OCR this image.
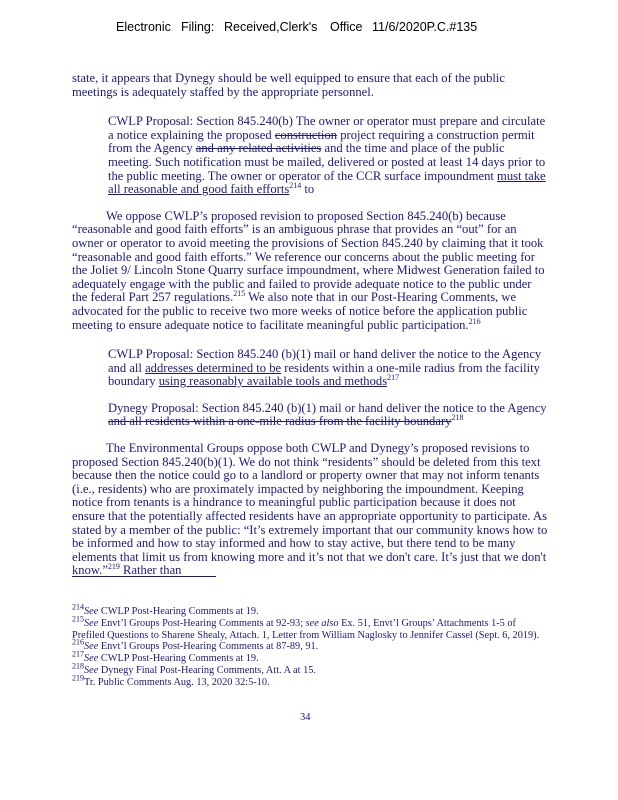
Electronic Filing: Received,Clerk's Office 11/6/2020P.C.#135

state, it appears that Dynegy should be well equipped to ensure that each of the public meetings is adequately staffed by the appropriate personnel.

CWLP Proposal: Section 845.240(b) The owner or operator must prepare and circulate a notice explaining the proposed construction project requiring a construction permit from the Agency and any related activities and the time and place of the public meeting. Such notification must be mailed, delivered or posted at least 14 days prior to the public meeting. The owner or operator of the CCR surface impoundment must take all reasonable and good faith efforts$^{214}$ to

We oppose CWLP’s proposed revision to proposed Section 845.240(b) because “reasonable and good faith efforts” is an ambiguous phrase that provides an “out” for an owner or operator to avoid meeting the provisions of Section 845.240 by claiming that it took “reasonable and good faith efforts.” We reference our concerns about the public meeting for the Joliet 9/ Lincoln Stone Quarry surface impoundment, where Midwest Generation failed to adequately engage with the public and failed to provide adequate notice to the public under the federal Part 257 regulations.$^{215}$ We also note that in our Post-Hearing Comments, we advocated for the public to receive two more weeks of notice before the application public meeting to ensure adequate notice to facilitate meaningful public participation.$^{216}$

CWLP Proposal: Section 845.240 (b)(1) mail or hand deliver the notice to the Agency and all addresses determined to be residents within a one-mile radius from the facility boundary using reasonably available tools and methods$^{217}$

Dynegy Proposal: Section 845.240 (b)(1) mail or hand deliver the notice to the Agency and all residents within a one-mile radius from the facility boundary$^{218}$

The Environmental Groups oppose both CWLP and Dynegy’s proposed revisions to proposed Section 845.240(b)(1). We do not think “residents” should be deleted from this text because then the notice could go to a landlord or property owner that may not inform tenants (i.e., residents) who are proximately impacted by neighboring the impoundment. Keeping notice from tenants is a hindrance to meaningful public participation because it does not ensure that the potentially affected residents have an appropriate opportunity to participate. As stated by a member of the public: “It’s extremely important that our community knows how to be informed and how to stay informed and how to stay active, but there tend to be many elements that limit us from knowing more and it’s not that we don't care. It’s just that we don't know.”$^{219}$ Rather than

$^{214}$See CWLP Post-Hearing Comments at 19.

$^{215}$See Envt’l Groups Post-Hearing Comments at 92-93; see also Ex. 51, Envt’l Groups’ Attachments 1-5 of Prefiled Questions to Sharene Shealy, Attach. 1, Letter from William Naglosky to Jennifer Cassel (Sept. 6, 2019).

$^{216}$See Envt’l Groups Post-Hearing Comments at 87-89, 91.

$^{217}$See CWLP Post-Hearing Comments at 19.

$^{218}$See Dynegy Final Post-Hearing Comments, Att. A at 15.

$^{219}$Tr. Public Comments Aug. 13, 2020 32:5-10.

34
